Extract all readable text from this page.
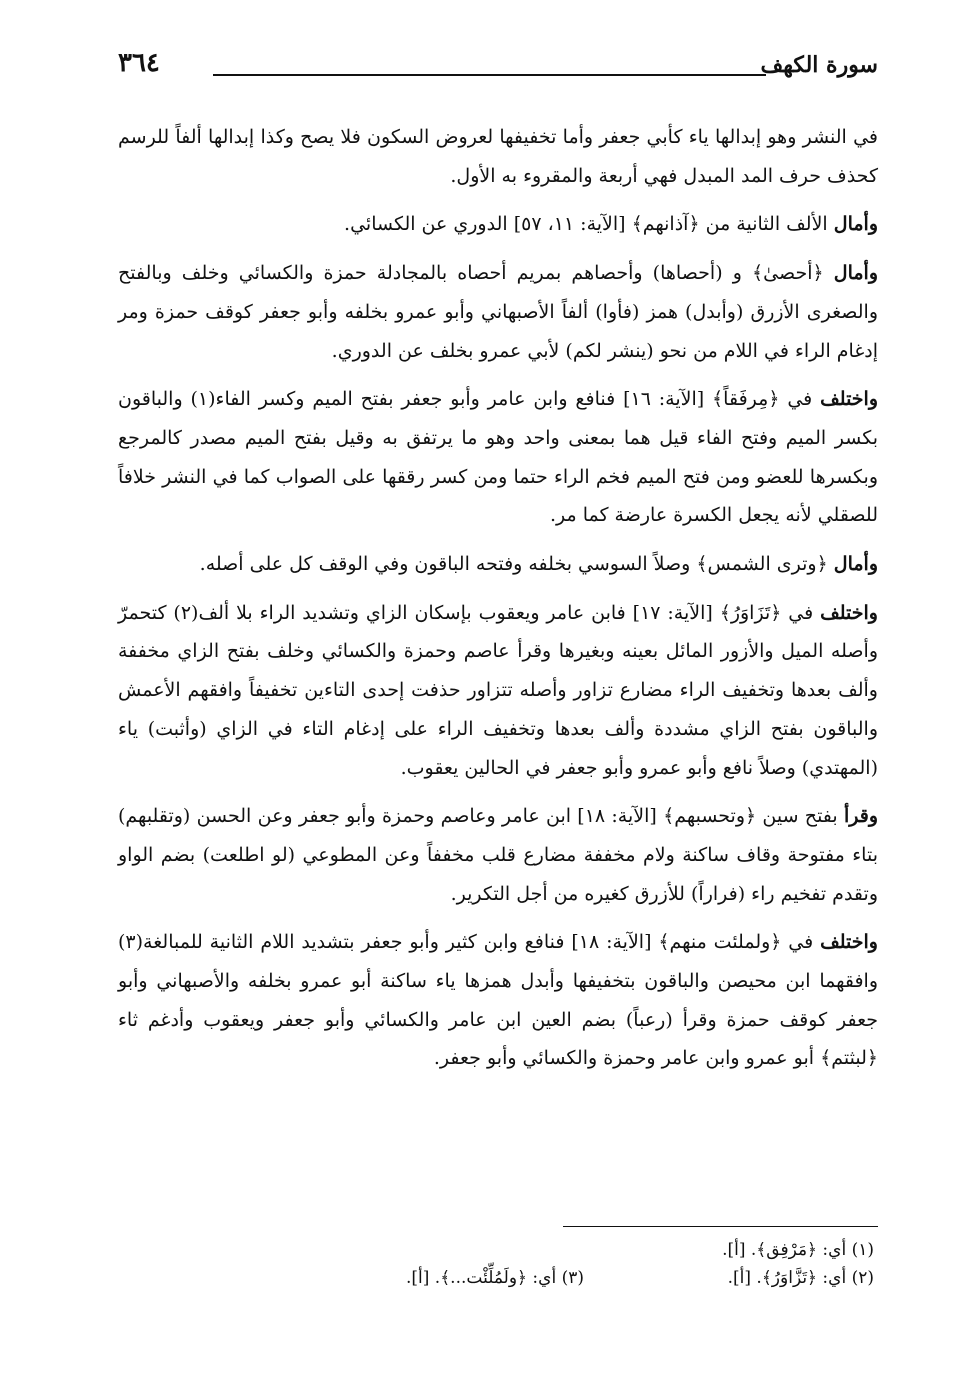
سورة الكهف
٣٦٤

في النشر وهو إبدالها ياء كأبي جعفر وأما تخفيفها لعروض السكون فلا يصح وكذا إبدالها ألفاً للرسم كحذف حرف المد المبدل فهي أربعة والمقروء به الأول.

وأمال الألف الثانية من ﴿آذانهم﴾ [الآية: ١١، ٥٧] الدوري عن الكسائي.

وأمال ﴿أحصىٰ﴾ و (أحصاها) وأحصاهم بمريم أحصاه بالمجادلة حمزة والكسائي وخلف وبالفتح والصغرى الأزرق (وأبدل) همز (فأوا) ألفاً الأصبهاني وأبو عمرو بخلفه وأبو جعفر كوقف حمزة ومر إدغام الراء في اللام من نحو (ينشر لكم) لأبي عمرو بخلف عن الدوري.

واختلف في ﴿مِرفَقاً﴾ [الآية: ١٦] فنافع وابن عامر وأبو جعفر بفتح الميم وكسر الفاء(١) والباقون بكسر الميم وفتح الفاء قيل هما بمعنى واحد وهو ما يرتفق به وقيل بفتح الميم مصدر كالمرجع وبكسرها للعضو ومن فتح الميم فخم الراء حتما ومن كسر رققها على الصواب كما في النشر خلافاً للصقلي لأنه يجعل الكسرة عارضة كما مر.

وأمال ﴿وترى الشمس﴾ وصلاً السوسي بخلفه وفتحه الباقون وفي الوقف كل على أصله.

واختلف في ﴿تَزَاوَرُ﴾ [الآية: ١٧] فابن عامر ويعقوب بإسكان الزاي وتشديد الراء بلا ألف(٢) كتحمرّ وأصله الميل والأزور المائل بعينه وبغيرها وقرأ عاصم وحمزة والكسائي وخلف بفتح الزاي مخففة وألف بعدها وتخفيف الراء مضارع تزاور وأصله تتزاور حذفت إحدى التاءين تخفيفاً وافقهم الأعمش والباقون بفتح الزاي مشددة وألف بعدها وتخفيف الراء على إدغام التاء في الزاي (وأثبت) ياء (المهتدي) وصلاً نافع وأبو عمرو وأبو جعفر في الحالين يعقوب.

وقرأ بفتح سين ﴿وتحسبهم﴾ [الآية: ١٨] ابن عامر وعاصم وحمزة وأبو جعفر وعن الحسن (وتقلبهم) بتاء مفتوحة وقاف ساكنة ولام مخففة مضارع قلب مخففاً وعن المطوعي (لو اطلعت) بضم الواو وتقدم تفخيم راء (فراراً) للأزرق كغيره من أجل التكرير.

واختلف في ﴿ولملئت منهم﴾ [الآية: ١٨] فنافع وابن كثير وأبو جعفر بتشديد اللام الثانية للمبالغة(٣) وافقهما ابن محيصن والباقون بتخفيفها وأبدل همزها ياء ساكنة أبو عمرو بخلفه والأصبهاني وأبو جعفر كوقف حمزة وقرأ (رعباً) بضم العين ابن عامر والكسائي وأبو جعفر ويعقوب وأدغم ثاء ﴿لبثتم﴾ أبو عمرو وابن عامر وحمزة والكسائي وأبو جعفر.

(١) أي: ﴿مَرْفِق﴾. [أ].
(٢) أي: ﴿تَزَّاوَرُ﴾. [أ].
(٣) أي: ﴿ولَمُلِّئْت...﴾. [أ].
